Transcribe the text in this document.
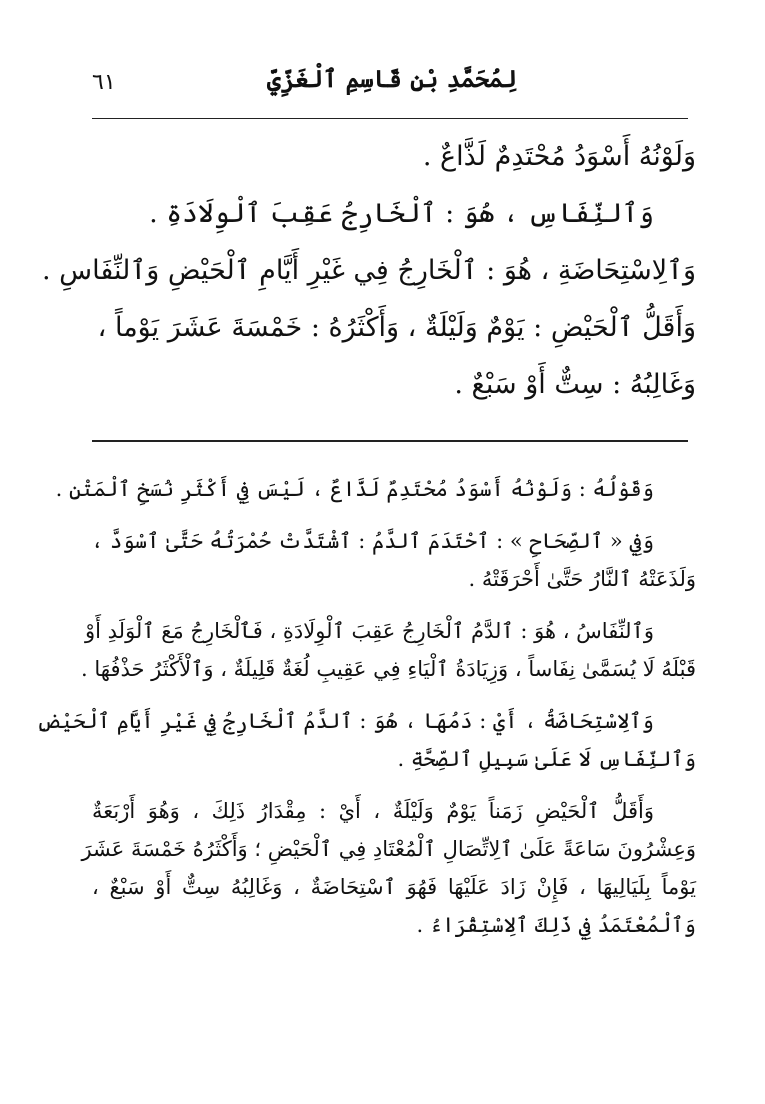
٦١	لِمُحَمَّدِ بْنِ قَاسِمِ ٱلْغَزِّيِّ
وَلَوْنُهُ أَسْوَدُ مُحْتَدِمٌ لَذَّاعٌ .
وَٱلنِّفَاسِ ، هُوَ : ٱلْخَارِجُ عَقِبَ ٱلْوِلَادَةِ .
وَٱلِاسْتِحَاضَةِ ، هُوَ : ٱلْخَارِجُ فِي غَيْرِ أَيَّامِ ٱلْحَيْضِ وَٱلنِّفَاسِ .
وَأَقَلُّ ٱلْحَيْضِ : يَوْمٌ وَلَيْلَةٌ ، وَأَكْثَرُهُ : خَمْسَةَ عَشَرَ يَوْماً ،
وَغَالِبُهُ : سِتٌّ أَوْ سَبْعٌ .
وَقَوْلُهُ : وَلَوْنُهُ أَسْوَدُ مُحْتَدِمٌ لَذَّاعٌ ، لَيْسَ فِي أَكْثَرِ نُسَخِ ٱلْمَتْنِ .
وَفِي « ٱلصِّحَاحِ » : ٱحْتَدَمَ ٱلدَّمُ : ٱشْتَدَّتْ حُمْرَتُهُ حَتَّىٰ ٱسْوَدَّ ،
وَلَذَعَتْهُ ٱلنَّارُ حَتَّىٰ أَحْرَقَتْهُ .
وَٱلنِّفَاسُ ، هُوَ : ٱلدَّمُ ٱلْخَارِجُ عَقِبَ ٱلْوِلَادَةِ ، فَٱلْخَارِجُ مَعَ ٱلْوَلَدِ أَوْ
قَبْلَهُ لَا يُسَمَّىٰ نِفَاساً ، وَزِيَادَةُ ٱلْيَاءِ فِي عَقِيبِ لُغَةٌ قَلِيلَةٌ ، وَٱلْأَكْثَرُ حَذْفُهَا .
وَٱلِاسْتِحَاضَةُ ، أَيْ : دَمُهَا ، هُوَ : ٱلدَّمُ ٱلْخَارِجُ فِي غَيْرِ أَيَّامِ ٱلْحَيْضِ
وَٱلنِّفَاسِ لَا عَلَىٰ سَبِيلِ ٱلصِّحَّةِ .
وَأَقَلُّ ٱلْحَيْضِ زَمَناً يَوْمٌ وَلَيْلَةٌ ، أَيْ : مِقْدَارُ ذَلِكَ ، وَهُوَ أَرْبَعَةٌ
وَعِشْرُونَ سَاعَةً عَلَىٰ ٱلِاتِّصَالِ ٱلْمُعْتَادِ فِي ٱلْحَيْضِ ؛ وَأَكْثَرُهُ خَمْسَةَ عَشَرَ
يَوْماً بِلَيَالِيهَا ، فَإِنْ زَادَ عَلَيْهَا فَهُوَ ٱسْتِحَاضَةٌ ، وَغَالِبُهُ سِتٌّ أَوْ سَبْعٌ ،
وَٱلْمُعْتَمَدُ فِي ذَلِكَ ٱلِاسْتِقْرَاءُ .
